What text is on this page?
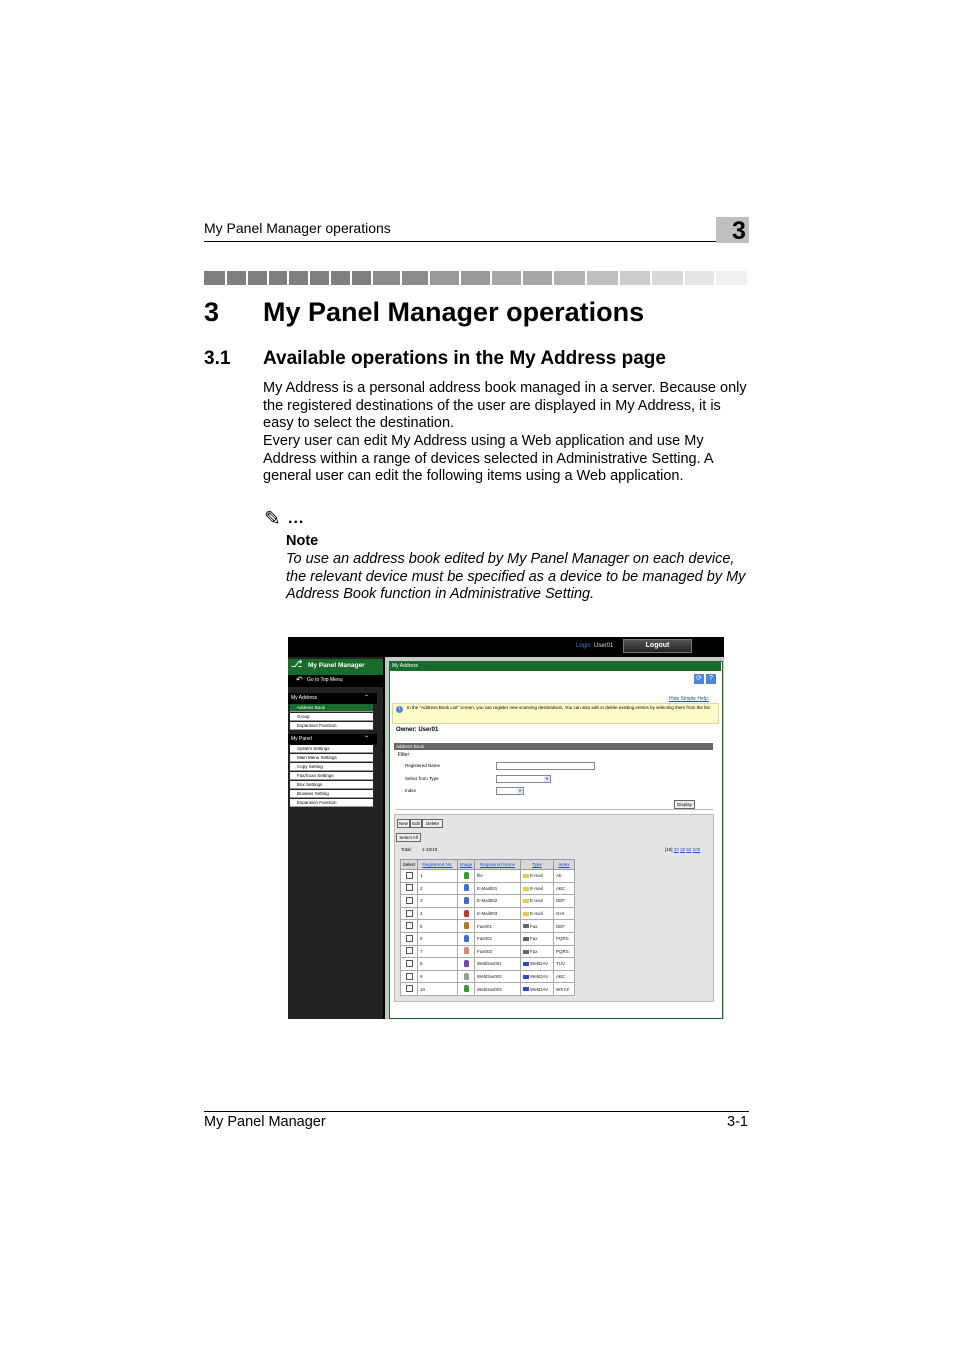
My Panel Manager operations	3
3 My Panel Manager operations
3.1 Available operations in the My Address page
My Address is a personal address book managed in a server. Because only the registered destinations of the user are displayed in My Address, it is easy to select the destination.
Every user can edit My Address using a Web application and use My Address within a range of devices selected in Administrative Setting. A general user can edit the following items using a Web application.
✎ ...
Note
To use an address book edited by My Panel Manager on each device, the relevant device must be specified as a device to be managed by My Address Book function in Administrative Setting.
Login User01	Logout
⎇ My Panel Manager
↶ Go to Top Menu
My Address	⌃
Address Book
Group
Expansion Function
My Panel	⌃
System Settings
Main Menu Settings
Copy Setting
Fax/Scan Settings
Box Settings
Browser Setting
Expansion Function
My Address
⟳	?
Hide Simple Help.
i	In the "Address Book List" screen, you can register new scanning destinations. You can also edit or delete existing entries by selecting them from the list.
Owner: User01
Address Book
Filter
Registered Name
Select from Type
Index
▼
▼
Display
New Edit	Delete
Select All
Total: 1-10/10	[10] 20 30 50 100
Select	Registered No.	Image	Registered Name	Type	Index
	1		file	E-mail	Ab
	2		E-Mail001	E-mail	ABC
	3		E-Mail002	E-mail	DEF
	4		E-Mail003	E-mail	GHI
	5		Fax001	Fax	DEF
	6		Fax002	Fax	PQRS
	7		Fax003	Fax	PQRS
	8		WebDav001	WebDAV	TUV
	9		WebDav002	WebDAV	ABC
	10		WebDav003	WebDAV	WXYZ
My Panel Manager	3-1
